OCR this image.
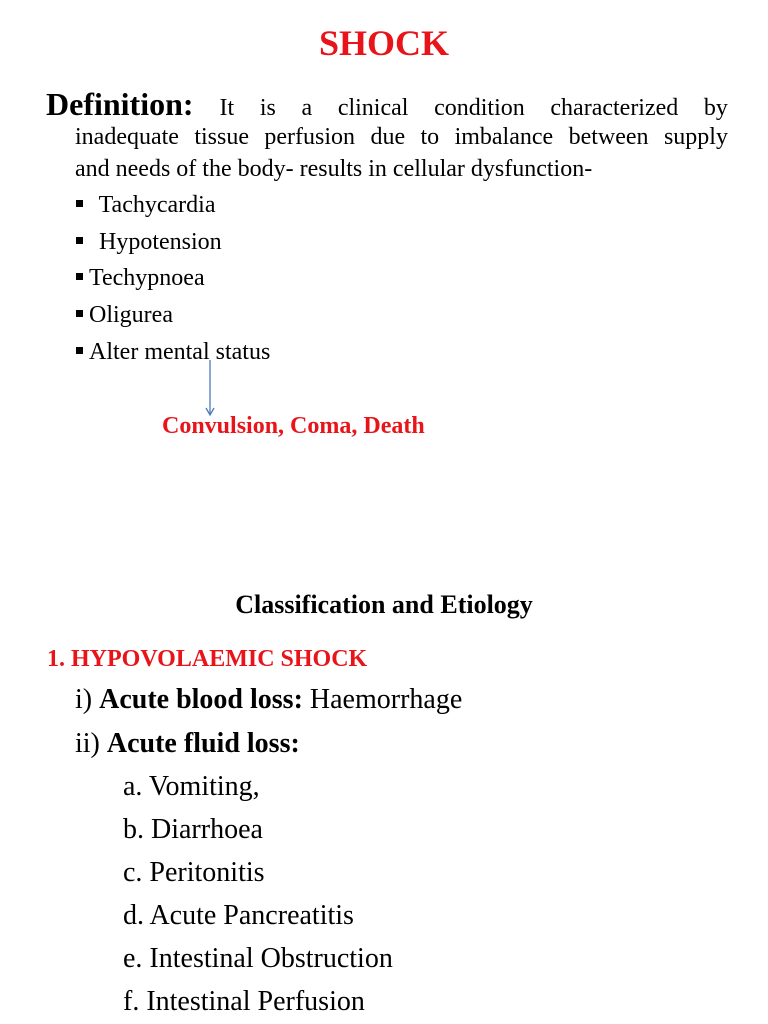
SHOCK
Definition: It is a clinical condition characterized by
inadequate tissue perfusion due to imbalance between supply
and needs of the body- results in cellular dysfunction-
Tachycardia
Hypotension
Techypnoea
Oligurea
Alter mental status
Convulsion, Coma, Death
Classification and Etiology
1. HYPOVOLAEMIC SHOCK
i) Acute blood loss: Haemorrhage
ii) Acute fluid loss:
a. Vomiting,
b. Diarrhoea
c. Peritonitis
d. Acute Pancreatitis
e. Intestinal Obstruction
f. Intestinal Perfusion
